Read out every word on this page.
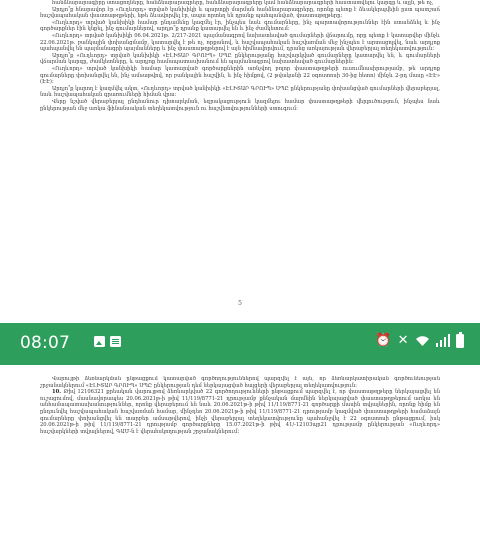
հանձնարարագիրը ստացողները, հանձնարարագրերը, հանձնարարագրերը կամ հանձնարարագրերի հաստատվելու կարգը և այլն, թե ոչ,

Արդյո՞ք հնարավոր էր «Ուղևորդ» տրված կանխիկի և պարտքի մարման հանձնարարագրերը, որոնք պետք է ձևակերպվեին ըստ պատշաճ հաշվապահական փաստաթղթերի, եթե ձևավորվել էր, ապա որտեղ են դրանք պահպանված, փաստաթղթերը։

«Ուղևորդ» տրված կանխիկի համար ընդամենը կազմել էր, ինչպես նաև գումարները, ինչ պարտավորություններ էին ստանձնել և ինչ գործարքներ էին կնքել, ինչ գումարներով, արդյո՞ք դրանք կատարվել են և ինչ ժամկետում։

«Ուղևորդ» տրված կանխիկի 06.04.2021թ. 2/217-2021 պայմանագրով նախատեսված գումարների վճարումը, որը պետք է կատարվեր մինչև 22.06.2021թ. բանկային փոխանցմամբ, կատարվել է թե ոչ, որքանով, և հաշվապահական հաշվառման մեջ ինչպես է արտացոլվել, նաև արդյոք պահպանվել են պայմանագրի պայմանները և ինչ փաստաթղթերով է այն հիմնավորվում, դրանց առկայության վերաբերյալ տեղեկատվություն։

Արդյո՞ք «Ուղևորդ» տրված կանխիկի «ԷԼԻՏԱՐ ԳՐՈՒՊ» ՍՊԸ ընկերությանը հաշվարկված գումարները կատարվել են, և գումարների վճարման կարգը, ժամկետները, և արդյոք համապատասխանում են պայմանագրով նախատեսված գումարներին։

«Ուղևորդ» տրված կանխիկի համար կատարված գործարքներին առնչվող բոլոր փաստաթղթերի ուսումնասիրությամբ, թե արդյոք գումարները փոխանցվել են, ինչ ամսաթվով, որ բանկային հաշվին, և ինչ հիմքով, (2 թվականի 22 օգոստոսի 30-ից հետո) մինչև 2-րդ մասը «ԷԷ» (ԷԷ)։

Արդյո՞ք կարող է կազմվել ակտ, «Ուղևորդ» տրված կանխիկի «ԷԼԻՏԱՐ ԳՐՈՒՊ» ՍՊԸ ընկերությանը փոխանցված գումարների վերաբերյալ, նաև հաշվապահական գրառումների հիման վրա։

Վերը նշված վերաբերյալ ընդհանուր դիտարկման, եզրակացություն կազմելու համար փաստաթղթերի վերլուծություն, ինչպես նաև ընկերության մեջ առկա ֆինանսական տեղեկատվություն ու հաշվետվությունների ստուգում։

5
08:07	⏰ ✕

Վարույթի ձեռնարկման ընթացքում կատարված գործողություններով պարզվել է այն, որ ձեռնարկատիրական գործունեության շրջանակներում «ԷԼԻՏԱՐ ԳՐՈՒՊ» ՍՊԸ ընկերության դեմ ներկայացված հայցերի վերաբերյալ տեղեկատվություն։

10. Թիվ 12106321 քրեական վարույթով ձեռնարկված 22 գործողությունների ընթացքում պարզվել է, որ փաստաթղթերը ներկայացվել են ուշացումով, մասնավորապես 20.06.2021թ-ի թիվ 11/119/8771-21 դրությամբ քննչական մարմնին ներկայացված փաստաթղթերում առկա են անհամապատասխանություններ, որոնք վերաբերում են նաև 20.06.2021թ-ի թիվ 11/119/8771-21 գործարքի մասին տվյալներին, որոնք հիմք են ընդունվել հաշվապահական հաշվառման համար, մինչդեռ 20.06.2021թ-ի թիվ 11/119/8771-21 դրությամբ կազմված փաստաթղթերի համաձայն գումարները փոխանցվել են տարբեր ամսաթվերով, ինչի վերաբերյալ տեղեկատվությունը պահանջվել է 22 օգոստոսի ընթացքում, իսկ 20.06.2021թ-ի թիվ 11/119/8771-21 դրությամբ գործարքները 15.07.2021թ-ի թիվ 41/-12103պր21 դրությամբ ընկերության «Ուղևորդ» հաշվարկների տվյալներով, ԳԱՄ-ն է վերահսկողության շրջանակներում։
